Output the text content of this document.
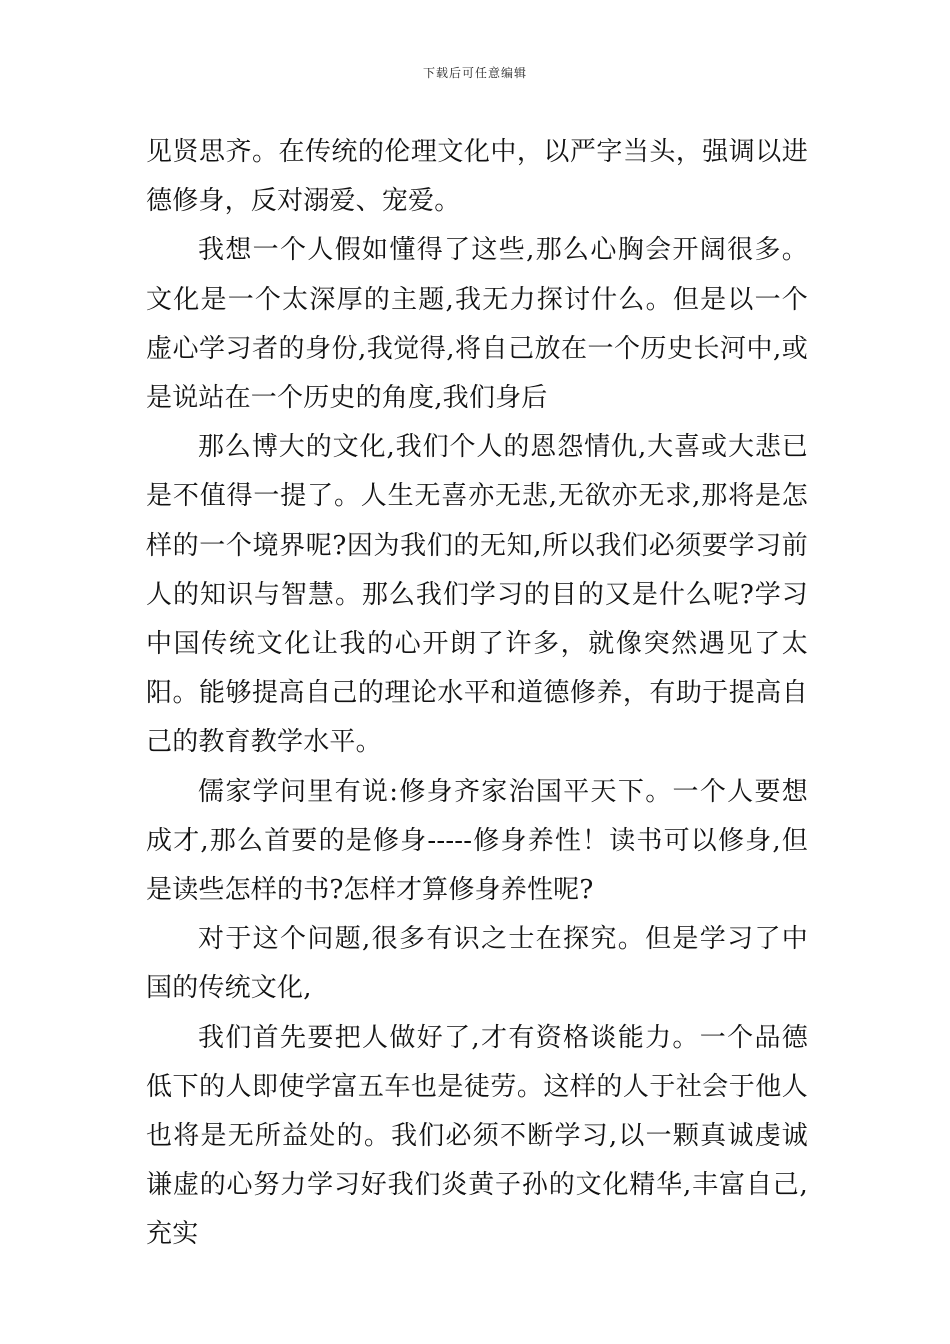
下载后可任意编辑

见贤思齐。在传统的伦理文化中，以严字当头，强调以进德修身，反对溺爱、宠爱。

我想一个人假如懂得了这些,那么心胸会开阔很多。文化是一个太深厚的主题,我无力探讨什么。但是以一个虚心学习者的身份,我觉得,将自己放在一个历史长河中,或是说站在一个历史的角度,我们身后

那么博大的文化,我们个人的恩怨情仇,大喜或大悲已是不值得一提了。人生无喜亦无悲,无欲亦无求,那将是怎样的一个境界呢?因为我们的无知,所以我们必须要学习前人的知识与智慧。那么我们学习的目的又是什么呢?学习中国传统文化让我的心开朗了许多，就像突然遇见了太阳。能够提高自己的理论水平和道德修养，有助于提高自己的教育教学水平。

儒家学问里有说:修身齐家治国平天下。一个人要想成才,那么首要的是修身-----修身养性！读书可以修身,但是读些怎样的书?怎样才算修身养性呢?

对于这个问题,很多有识之士在探究。但是学习了中国的传统文化,

我们首先要把人做好了,才有资格谈能力。一个品德低下的人即使学富五车也是徒劳。这样的人于社会于他人也将是无所益处的。我们必须不断学习,以一颗真诚虔诚谦虚的心努力学习好我们炎黄子孙的文化精华,丰富自己,充实
